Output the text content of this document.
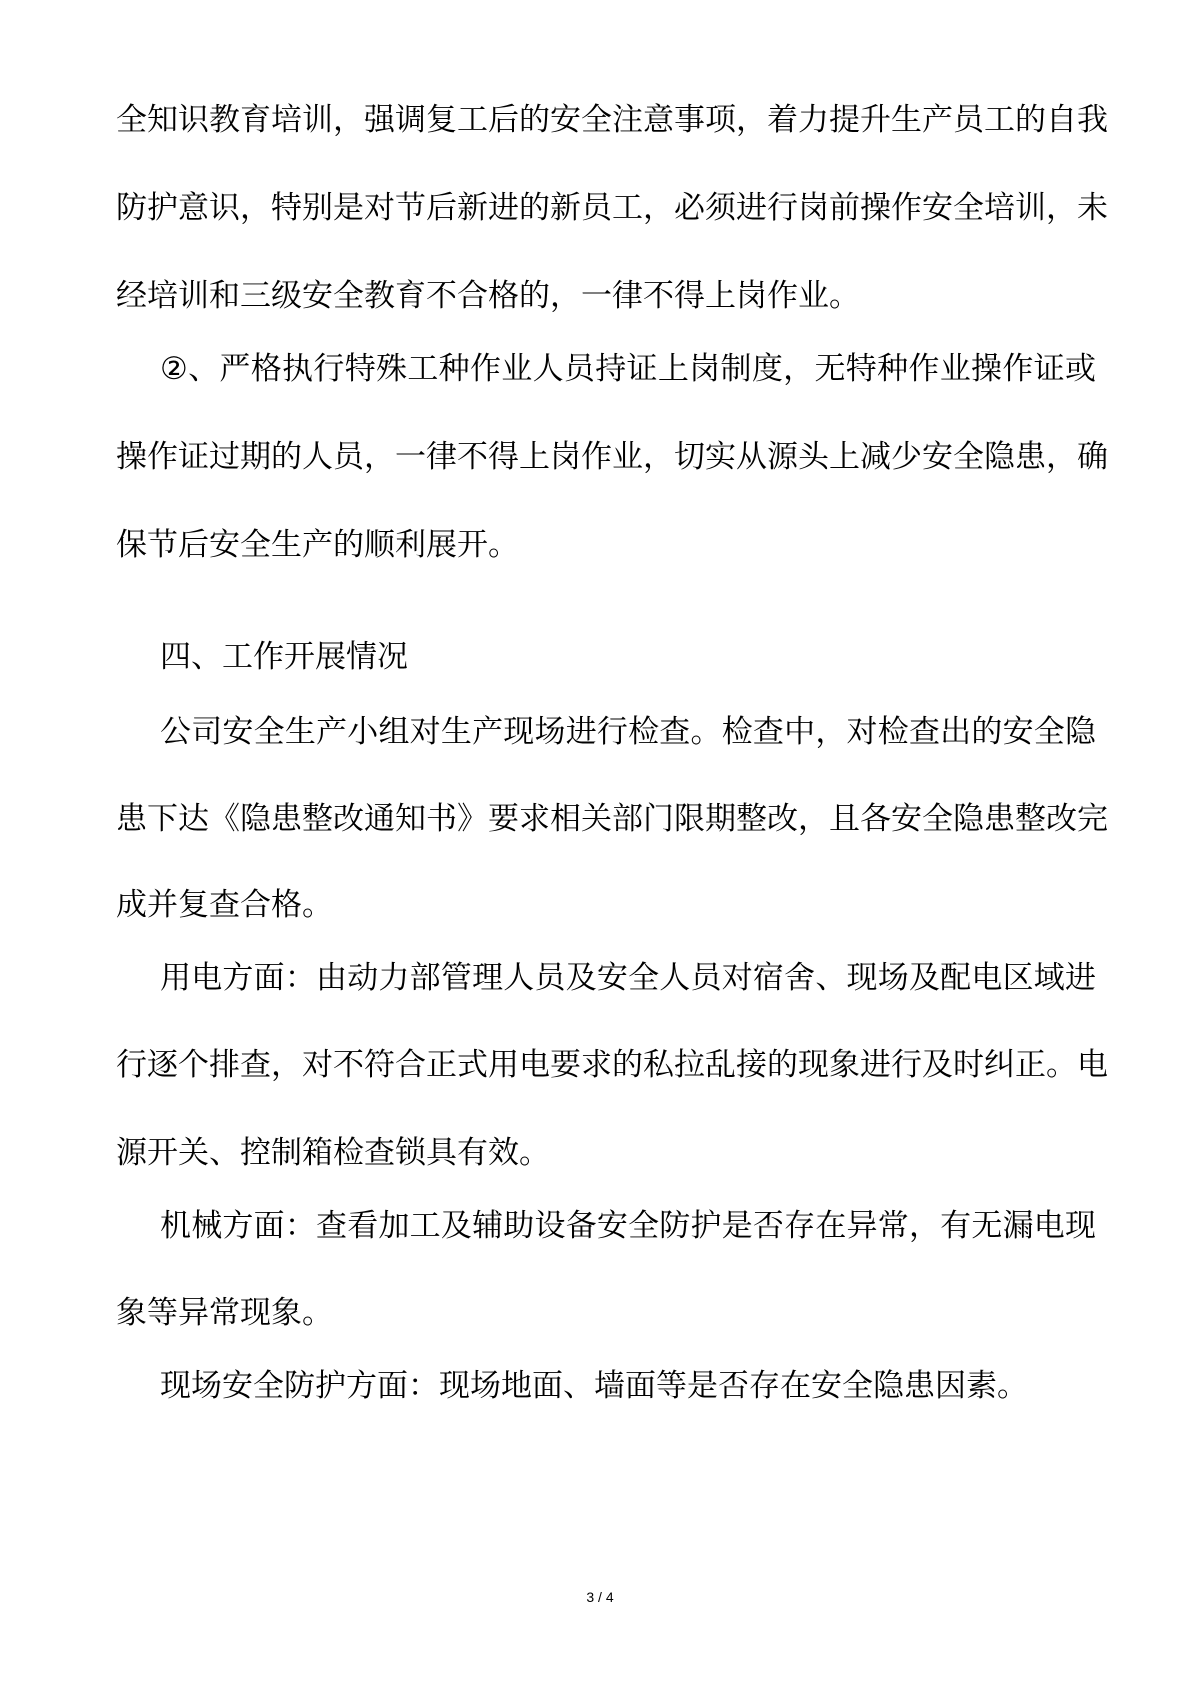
全知识教育培训，强调复工后的安全注意事项，着力提升生产员工的自我
防护意识，特别是对节后新进的新员工，必须进行岗前操作安全培训，未
经培训和三级安全教育不合格的，一律不得上岗作业。
②、严格执行特殊工种作业人员持证上岗制度，无特种作业操作证或
操作证过期的人员，一律不得上岗作业，切实从源头上减少安全隐患，确
保节后安全生产的顺利展开。
四、工作开展情况
公司安全生产小组对生产现场进行检查。检查中，对检查出的安全隐
患下达《隐患整改通知书》要求相关部门限期整改，且各安全隐患整改完
成并复查合格。
用电方面：由动力部管理人员及安全人员对宿舍、现场及配电区域进
行逐个排查，对不符合正式用电要求的私拉乱接的现象进行及时纠正。电
源开关、控制箱检查锁具有效。
机械方面：查看加工及辅助设备安全防护是否存在异常，有无漏电现
象等异常现象。
现场安全防护方面：现场地面、墙面等是否存在安全隐患因素。
3 / 4
